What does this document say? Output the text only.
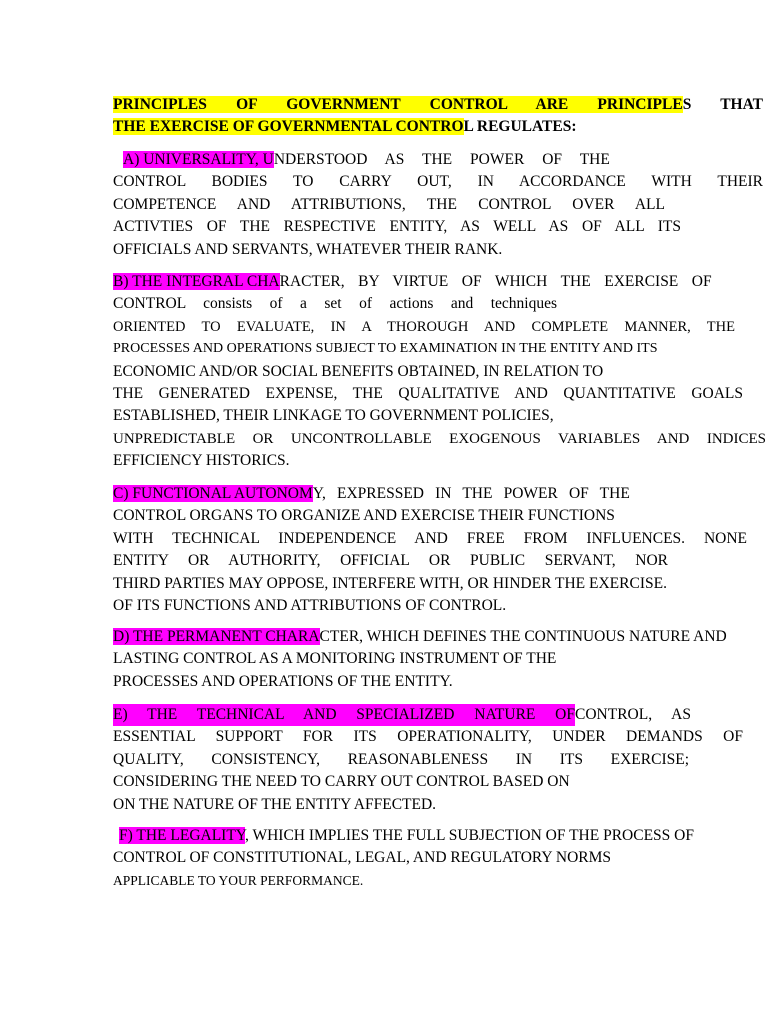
PRINCIPLES OF GOVERNMENT CONTROL ARE PRINCIPLES THAT
THE EXERCISE OF GOVERNMENTAL CONTROL REGULATES:
A) UNIVERSALITY, UNDERSTOOD AS THE POWER OF THE
CONTROL BODIES TO CARRY OUT, IN ACCORDANCE WITH THEIR
COMPETENCE AND ATTRIBUTIONS, THE CONTROL OVER ALL
ACTIVTIES OF THE RESPECTIVE ENTITY, AS WELL AS OF ALL ITS
OFFICIALS AND SERVANTS, WHATEVER THEIR RANK.
B) THE INTEGRAL CHARACTER, BY VIRTUE OF WHICH THE EXERCISE OF
CONTROL consists of a set of actions and techniques
ORIENTED TO EVALUATE, IN A THOROUGH AND COMPLETE MANNER, THE
PROCESSES AND OPERATIONS SUBJECT TO EXAMINATION IN THE ENTITY AND ITS
ECONOMIC AND/OR SOCIAL BENEFITS OBTAINED, IN RELATION TO
THE GENERATED EXPENSE, THE QUALITATIVE AND QUANTITATIVE GOALS
ESTABLISHED, THEIR LINKAGE TO GOVERNMENT POLICIES,
UNPREDICTABLE OR UNCONTROLLABLE EXOGENOUS VARIABLES AND INDICES
EFFICIENCY HISTORICS.
C) FUNCTIONAL AUTONOMY, EXPRESSED IN THE POWER OF THE
CONTROL ORGANS TO ORGANIZE AND EXERCISE THEIR FUNCTIONS
WITH TECHNICAL INDEPENDENCE AND FREE FROM INFLUENCES. NONE
ENTITY OR AUTHORITY, OFFICIAL OR PUBLIC SERVANT, NOR
THIRD PARTIES MAY OPPOSE, INTERFERE WITH, OR HINDER THE EXERCISE.
OF ITS FUNCTIONS AND ATTRIBUTIONS OF CONTROL.
D) THE PERMANENT CHARACTER, WHICH DEFINES THE CONTINUOUS NATURE AND
LASTING CONTROL AS A MONITORING INSTRUMENT OF THE
PROCESSES AND OPERATIONS OF THE ENTITY.
E) THE TECHNICAL AND SPECIALIZED NATURE OFCONTROL, AS
ESSENTIAL SUPPORT FOR ITS OPERATIONALITY, UNDER DEMANDS OF
QUALITY, CONSISTENCY, REASONABLENESS IN ITS EXERCISE;
CONSIDERING THE NEED TO CARRY OUT CONTROL BASED ON
ON THE NATURE OF THE ENTITY AFFECTED.
F) THE LEGALITY, WHICH IMPLIES THE FULL SUBJECTION OF THE PROCESS OF
CONTROL OF CONSTITUTIONAL, LEGAL, AND REGULATORY NORMS
APPLICABLE TO YOUR PERFORMANCE.
